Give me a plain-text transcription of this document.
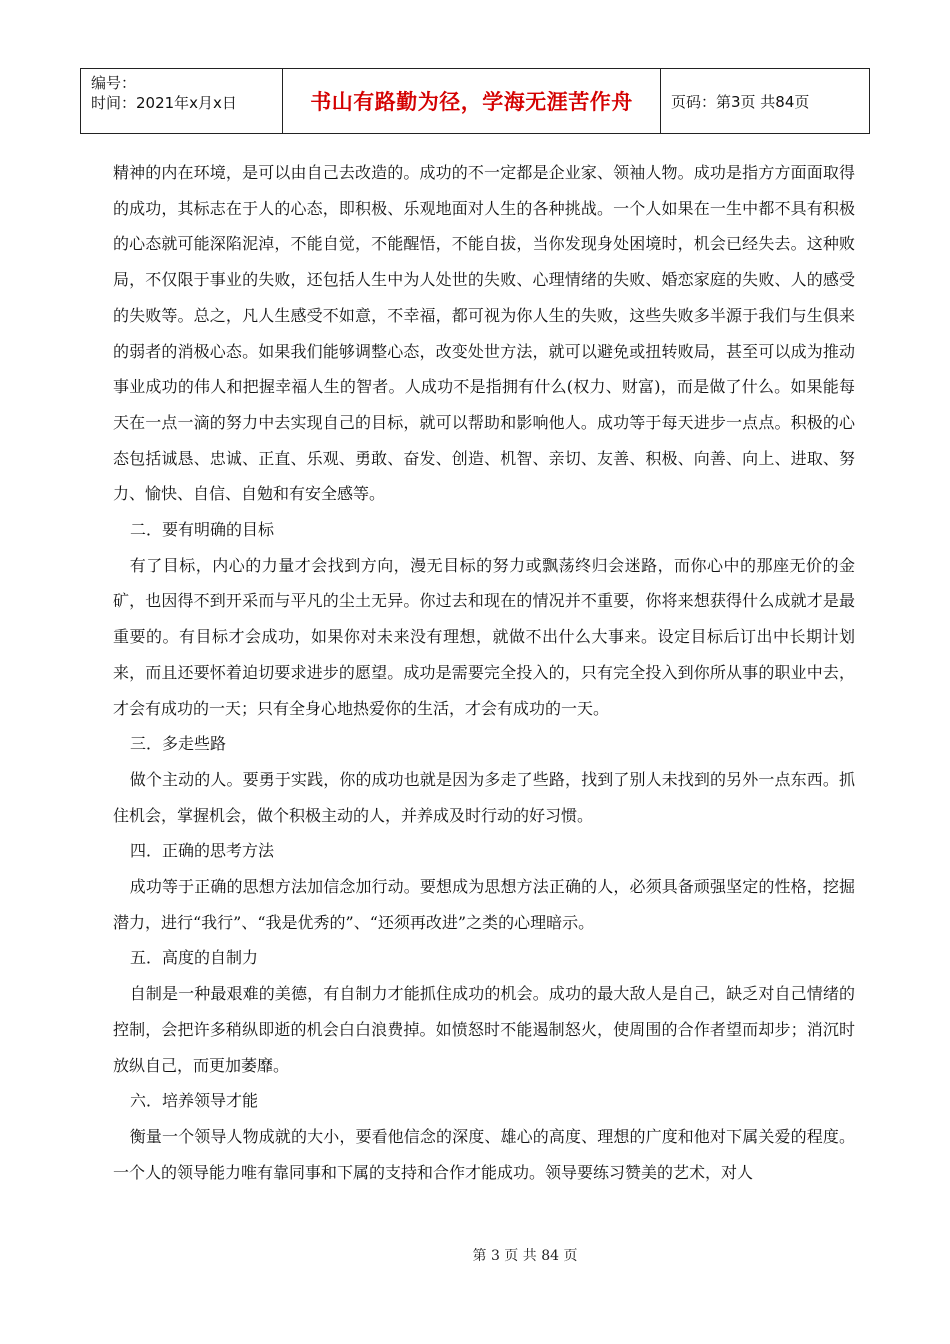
编号：
时间：2021年x月x日	书山有路勤为径，学海无涯苦作舟	页码：第3页 共84页

精神的内在环境，是可以由自己去改造的。成功的不一定都是企业家、领袖人物。成功是指方方面面取得的成功，其标志在于人的心态，即积极、乐观地面对人生的各种挑战。一个人如果在一生中都不具有积极的心态就可能深陷泥淖，不能自觉，不能醒悟，不能自拔，当你发现身处困境时，机会已经失去。这种败局，不仅限于事业的失败，还包括人生中为人处世的失败、心理情绪的失败、婚恋家庭的失败、人的感受的失败等。总之，凡人生感受不如意，不幸福，都可视为你人生的失败，这些失败多半源于我们与生俱来的弱者的消极心态。如果我们能够调整心态，改变处世方法，就可以避免或扭转败局，甚至可以成为推动事业成功的伟人和把握幸福人生的智者。人成功不是指拥有什么(权力、财富)，而是做了什么。如果能每天在一点一滴的努力中去实现自己的目标，就可以帮助和影响他人。成功等于每天进步一点点。积极的心态包括诚恳、忠诚、正直、乐观、勇敢、奋发、创造、机智、亲切、友善、积极、向善、向上、进取、努力、愉快、自信、自勉和有安全感等。

二．要有明确的目标

有了目标，内心的力量才会找到方向，漫无目标的努力或飘荡终归会迷路，而你心中的那座无价的金矿，也因得不到开采而与平凡的尘土无异。你过去和现在的情况并不重要，你将来想获得什么成就才是最重要的。有目标才会成功，如果你对未来没有理想，就做不出什么大事来。设定目标后订出中长期计划来，而且还要怀着迫切要求进步的愿望。成功是需要完全投入的，只有完全投入到你所从事的职业中去，才会有成功的一天；只有全身心地热爱你的生活，才会有成功的一天。

三．多走些路

做个主动的人。要勇于实践，你的成功也就是因为多走了些路，找到了别人未找到的另外一点东西。抓住机会，掌握机会，做个积极主动的人，并养成及时行动的好习惯。

四．正确的思考方法

成功等于正确的思想方法加信念加行动。要想成为思想方法正确的人，必须具备顽强坚定的性格，挖掘潜力，进行“我行”、“我是优秀的”、“还须再改进”之类的心理暗示。

五．高度的自制力

自制是一种最艰难的美德，有自制力才能抓住成功的机会。成功的最大敌人是自己，缺乏对自己情绪的控制，会把许多稍纵即逝的机会白白浪费掉。如愤怒时不能遏制怒火，使周围的合作者望而却步；消沉时放纵自己，而更加萎靡。

六．培养领导才能

衡量一个领导人物成就的大小，要看他信念的深度、雄心的高度、理想的广度和他对下属关爱的程度。一个人的领导能力唯有靠同事和下属的支持和合作才能成功。领导要练习赞美的艺术，对人

第 3 页 共 84 页
